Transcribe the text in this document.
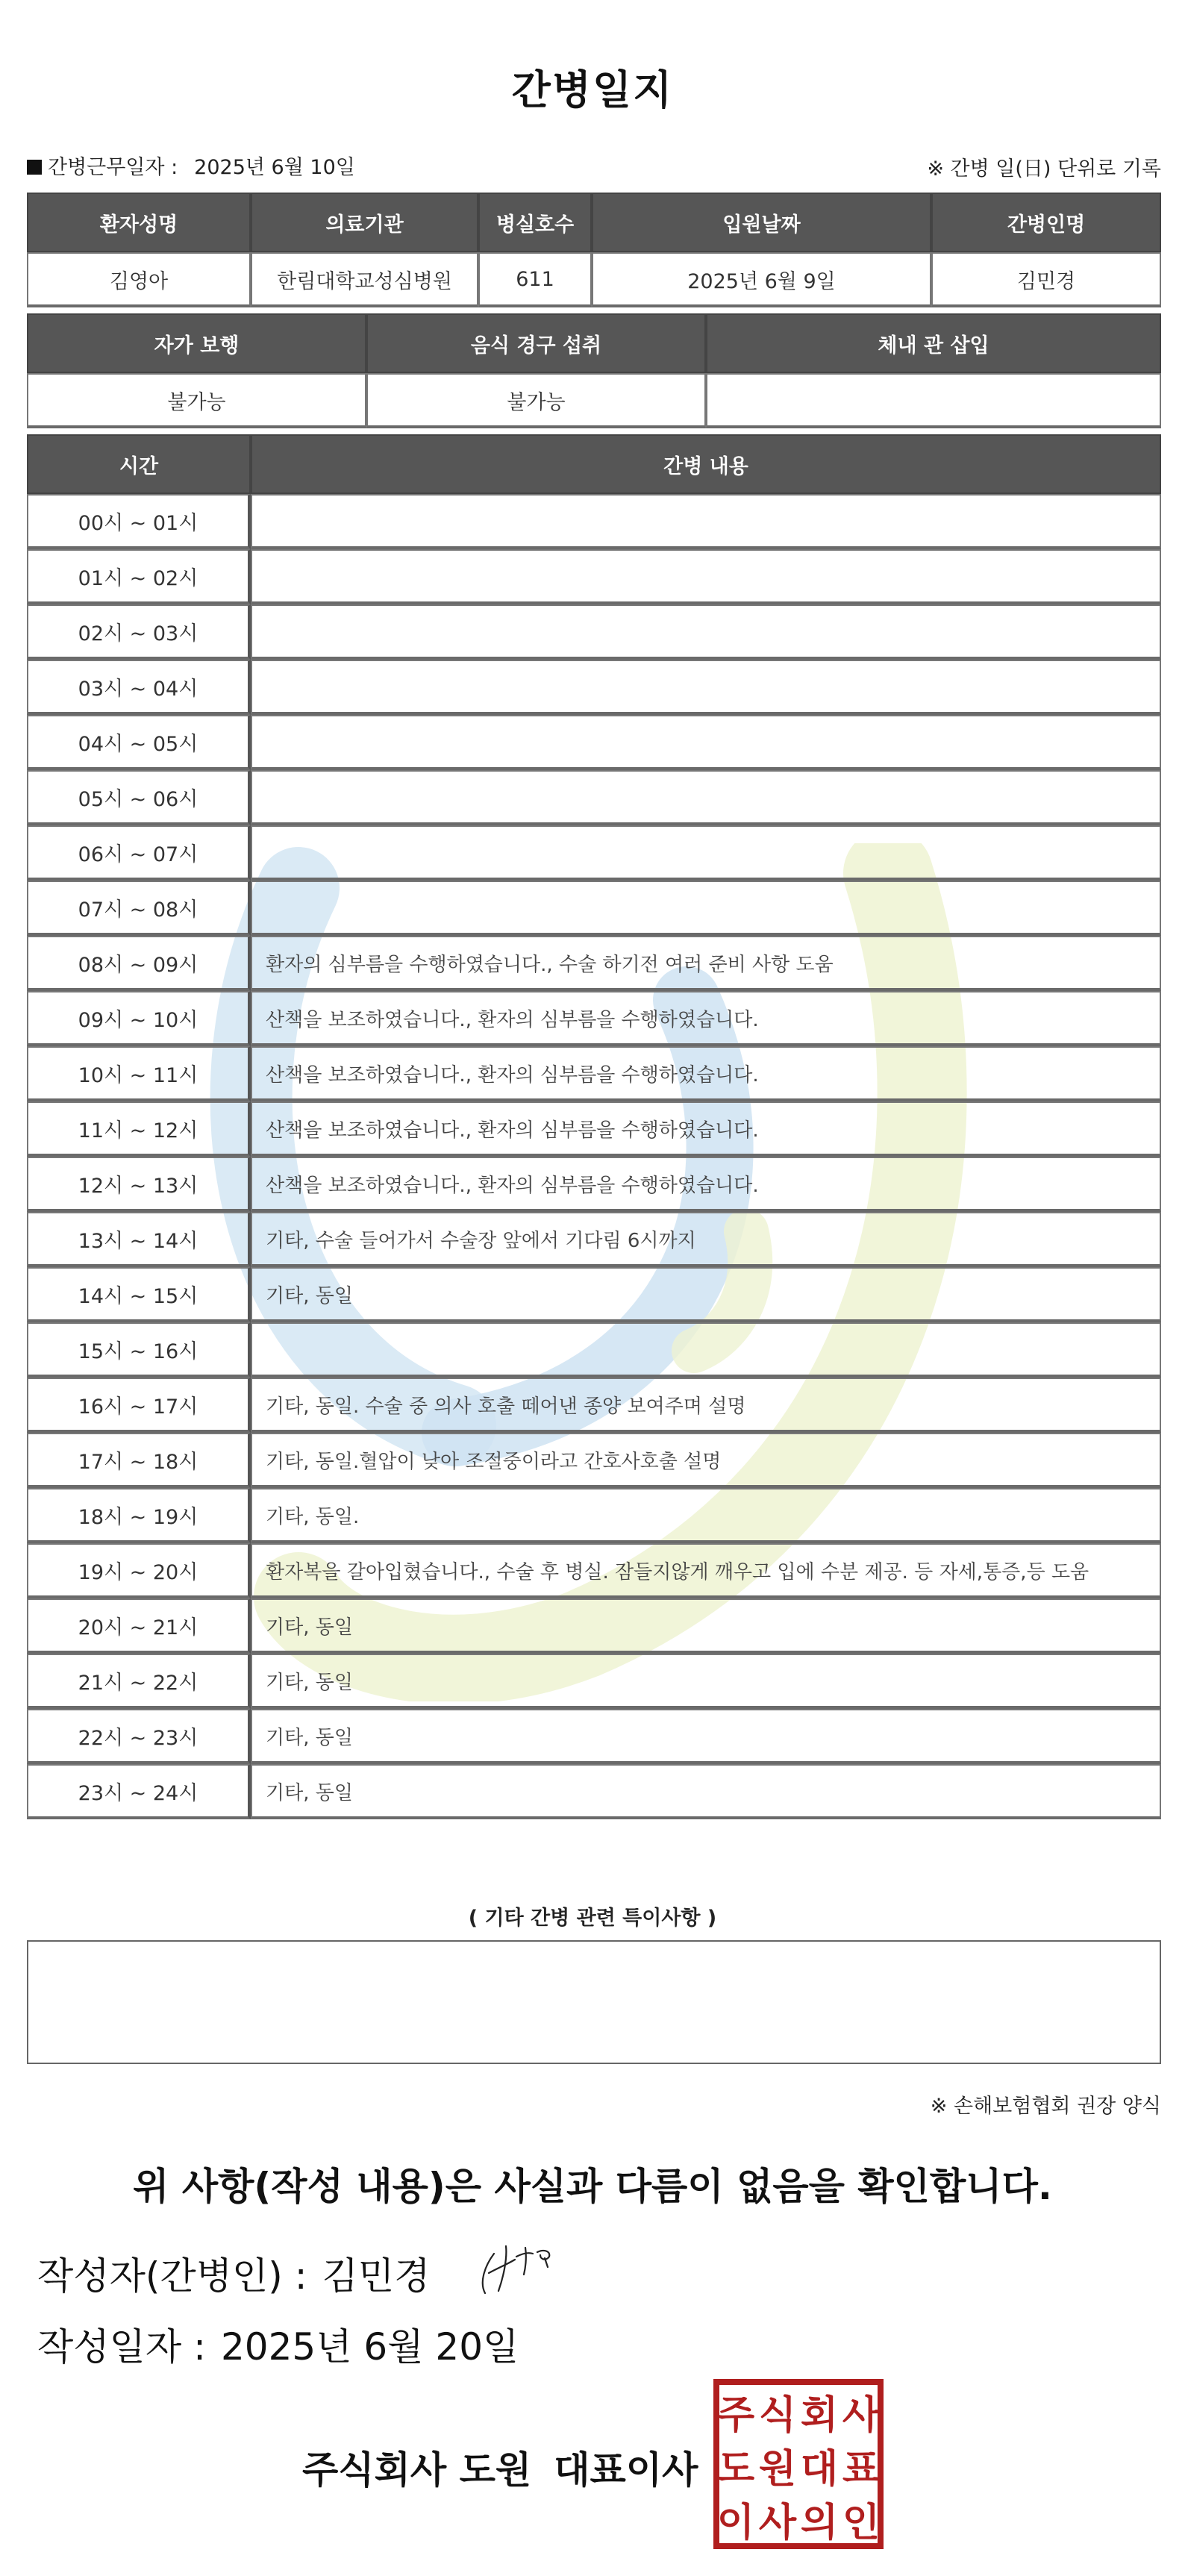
간병일지
간병근무일자 : 2025년 6월 10일	※ 간병 일(日) 단위로 기록
환자성명	의료기관	병실호수	입원날짜	간병인명
김영아	한림대학교성심병원	611	2025년 6월 9일	김민경
자가 보행	음식 경구 섭취	체내 관 삽입
불가능	불가능	
시간	간병 내용
00시 ~ 01시	
01시 ~ 02시	
02시 ~ 03시	
03시 ~ 04시	
04시 ~ 05시	
05시 ~ 06시	
06시 ~ 07시	
07시 ~ 08시	
08시 ~ 09시	환자의 심부름을 수행하였습니다., 수술 하기전 여러 준비 사항 도움
09시 ~ 10시	산책을 보조하였습니다., 환자의 심부름을 수행하였습니다.
10시 ~ 11시	산책을 보조하였습니다., 환자의 심부름을 수행하였습니다.
11시 ~ 12시	산책을 보조하였습니다., 환자의 심부름을 수행하였습니다.
12시 ~ 13시	산책을 보조하였습니다., 환자의 심부름을 수행하였습니다.
13시 ~ 14시	기타, 수술 들어가서 수술장 앞에서 기다림 6시까지
14시 ~ 15시	기타, 동일
15시 ~ 16시	
16시 ~ 17시	기타, 동일. 수술 중 의사 호출 떼어낸 종양 보여주며 설명
17시 ~ 18시	기타, 동일.혈압이 낮아 조절중이라고 간호사호출 설명
18시 ~ 19시	기타, 동일.
19시 ~ 20시	환자복을 갈아입혔습니다., 수술 후 병실. 잠들지않게 깨우고 입에 수분 제공. 등 자세,통증,등 도움
20시 ~ 21시	기타, 동일
21시 ~ 22시	기타, 동일
22시 ~ 23시	기타, 동일
23시 ~ 24시	기타, 동일
( 기타 간병 관련 특이사항 )
※ 손해보험협회 권장 양식
위 사항(작성 내용)은 사실과 다름이 없음을 확인합니다.
작성자(간병인) : 김민경
작성일자 : 2025년 6월 20일
주식회사 도원 대표이사
주 식 회 사
도 원 대 표
이 사 의 인
